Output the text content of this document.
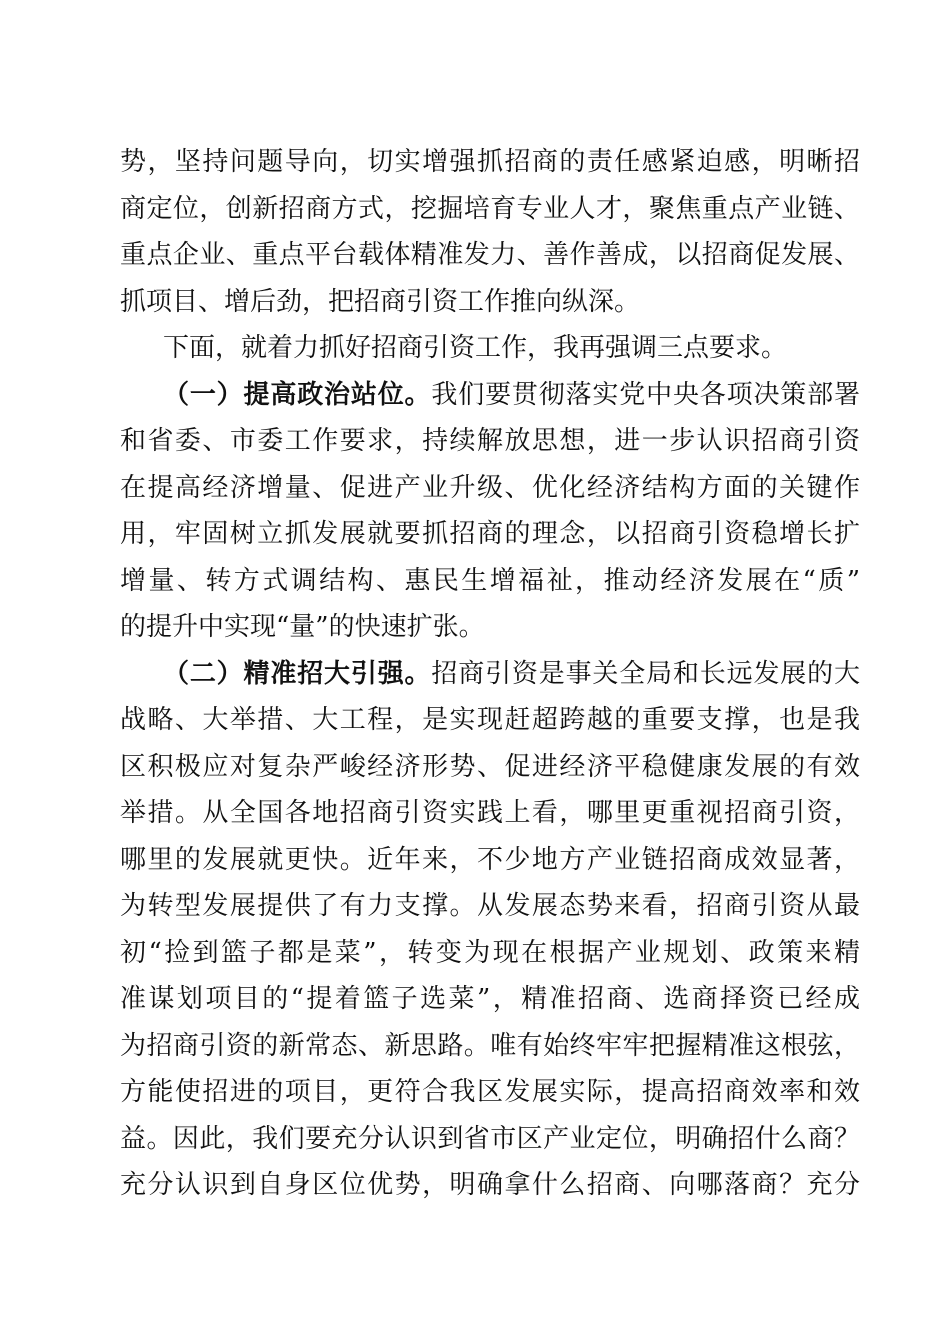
势，坚持问题导向，切实增强抓招商的责任感紧迫感，明晰招
商定位，创新招商方式，挖掘培育专业人才，聚焦重点产业链、
重点企业、重点平台载体精准发力、善作善成，以招商促发展、
抓项目、增后劲，把招商引资工作推向纵深。
下面，就着力抓好招商引资工作，我再强调三点要求。
（一）提高政治站位。我们要贯彻落实党中央各项决策部署
和省委、市委工作要求，持续解放思想，进一步认识招商引资
在提高经济增量、促进产业升级、优化经济结构方面的关键作
用，牢固树立抓发展就要抓招商的理念，以招商引资稳增长扩
增量、转方式调结构、惠民生增福祉，推动经济发展在“质”
的提升中实现“量”的快速扩张。
（二）精准招大引强。招商引资是事关全局和长远发展的大
战略、大举措、大工程，是实现赶超跨越的重要支撑，也是我
区积极应对复杂严峻经济形势、促进经济平稳健康发展的有效
举措。从全国各地招商引资实践上看，哪里更重视招商引资，
哪里的发展就更快。近年来，不少地方产业链招商成效显著，
为转型发展提供了有力支撑。从发展态势来看，招商引资从最
初“捡到篮子都是菜”，转变为现在根据产业规划、政策来精
准谋划项目的“提着篮子选菜”，精准招商、选商择资已经成
为招商引资的新常态、新思路。唯有始终牢牢把握精准这根弦，
方能使招进的项目，更符合我区发展实际，提高招商效率和效
益。因此，我们要充分认识到省市区产业定位，明确招什么商？
充分认识到自身区位优势，明确拿什么招商、向哪落商？充分
